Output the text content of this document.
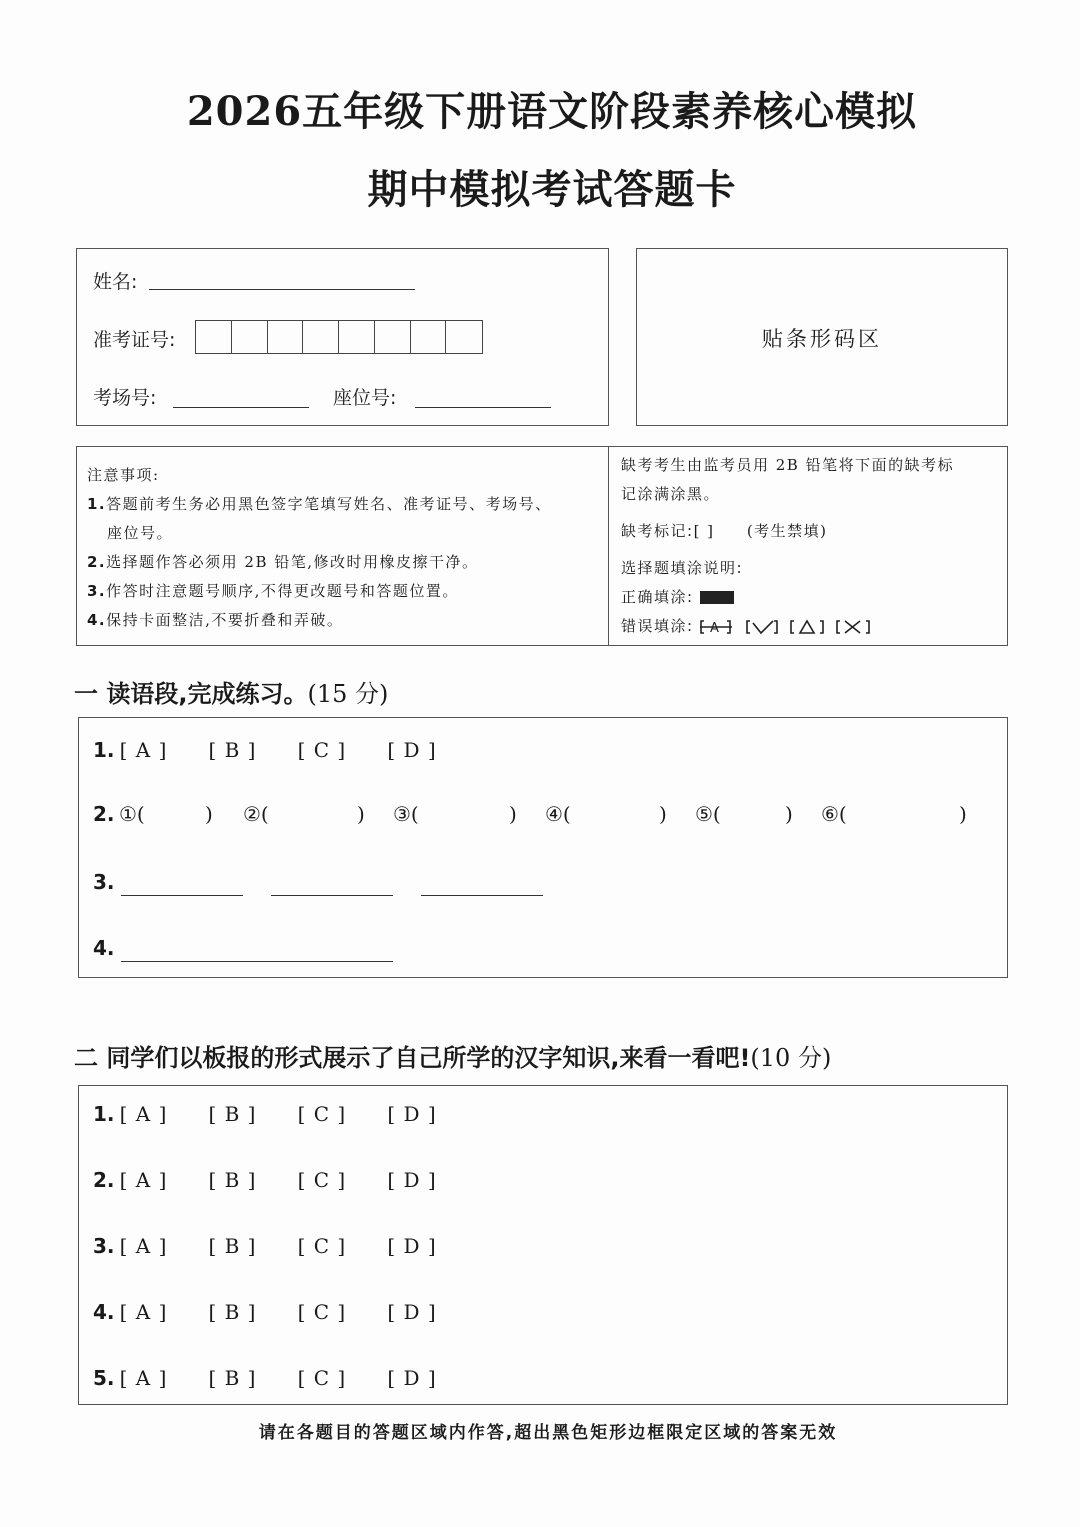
2026五年级下册语文阶段素养核心模拟
期中模拟考试答题卡
姓名:
准考证号:
考场号:	座位号:
贴条形码区
注意事项:
1.答题前考生务必用黑色签字笔填写姓名、准考证号、考场号、
座位号。
2.选择题作答必须用 2B 铅笔,修改时用橡皮擦干净。
3.作答时注意题号顺序,不得更改题号和答题位置。
4.保持卡面整洁,不要折叠和弄破。
缺考考生由监考员用 2B 铅笔将下面的缺考标
记涂满涂黑。
缺考标记:[ ] (考生禁填)
选择题填涂说明:
正确填涂:
错误填涂: A
一 读语段,完成练习。(15 分)
1. [ A ] [ B ] [ C ] [ D ]
2. ①(	) ②(	) ③(	) ④(	) ⑤(	) ⑥(	)
3.
4.
二 同学们以板报的形式展示了自己所学的汉字知识,来看一看吧!(10 分)
1. [ A ] [ B ] [ C ] [ D ]
2. [ A ] [ B ] [ C ] [ D ]
3. [ A ] [ B ] [ C ] [ D ]
4. [ A ] [ B ] [ C ] [ D ]
5. [ A ] [ B ] [ C ] [ D ]
请在各题目的答题区域内作答,超出黑色矩形边框限定区域的答案无效
